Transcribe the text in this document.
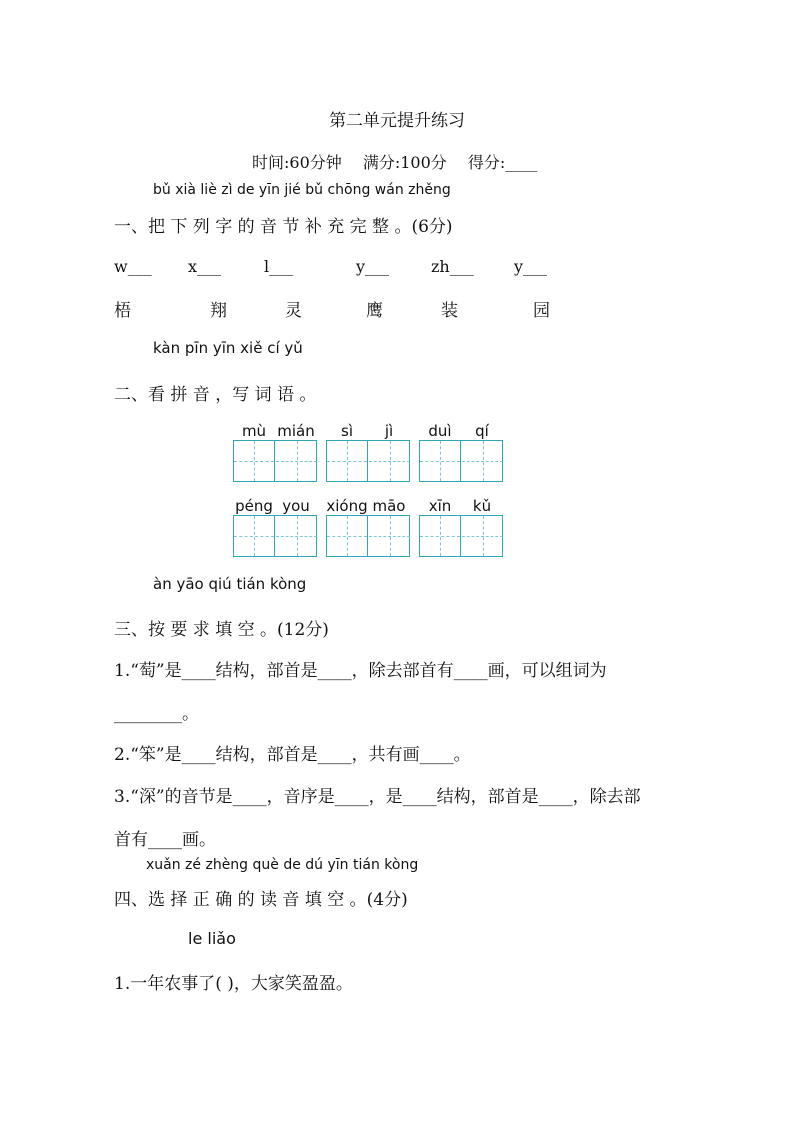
第二单元提升练习
时间:60分钟 满分:100分 得分:____
bǔ xià liè zì de yīn jié bǔ chōng wán zhěng
一、把 下 列 字 的 音 节 补 充 完 整 。(6分)
w___ x___	l___	y___	zh___	y___
梧	翔	灵	鹰	装	园
kàn pīn yīn xiě cí yǔ
二、看 拼 音 ，写 词 语 。
mù mián	sì	jì	duì	qí
péng you	xióng māo	xīn	kǔ
àn yāo qiú tián kòng
三、按 要 求 填 空 。(12分)
1.“萄”是____结构，部首是____，除去部首有____画，可以组词为
________。
2.“笨”是____结构，部首是____，共有画____。
3.“深”的音节是____，音序是____，是____结构，部首是____，除去部
首有____画。
xuǎn zé zhèng què de dú yīn tián kòng
四、选 择 正 确 的 读 音 填 空 。(4分)
le liǎo
1.一年农事了( )，大家笑盈盈。
